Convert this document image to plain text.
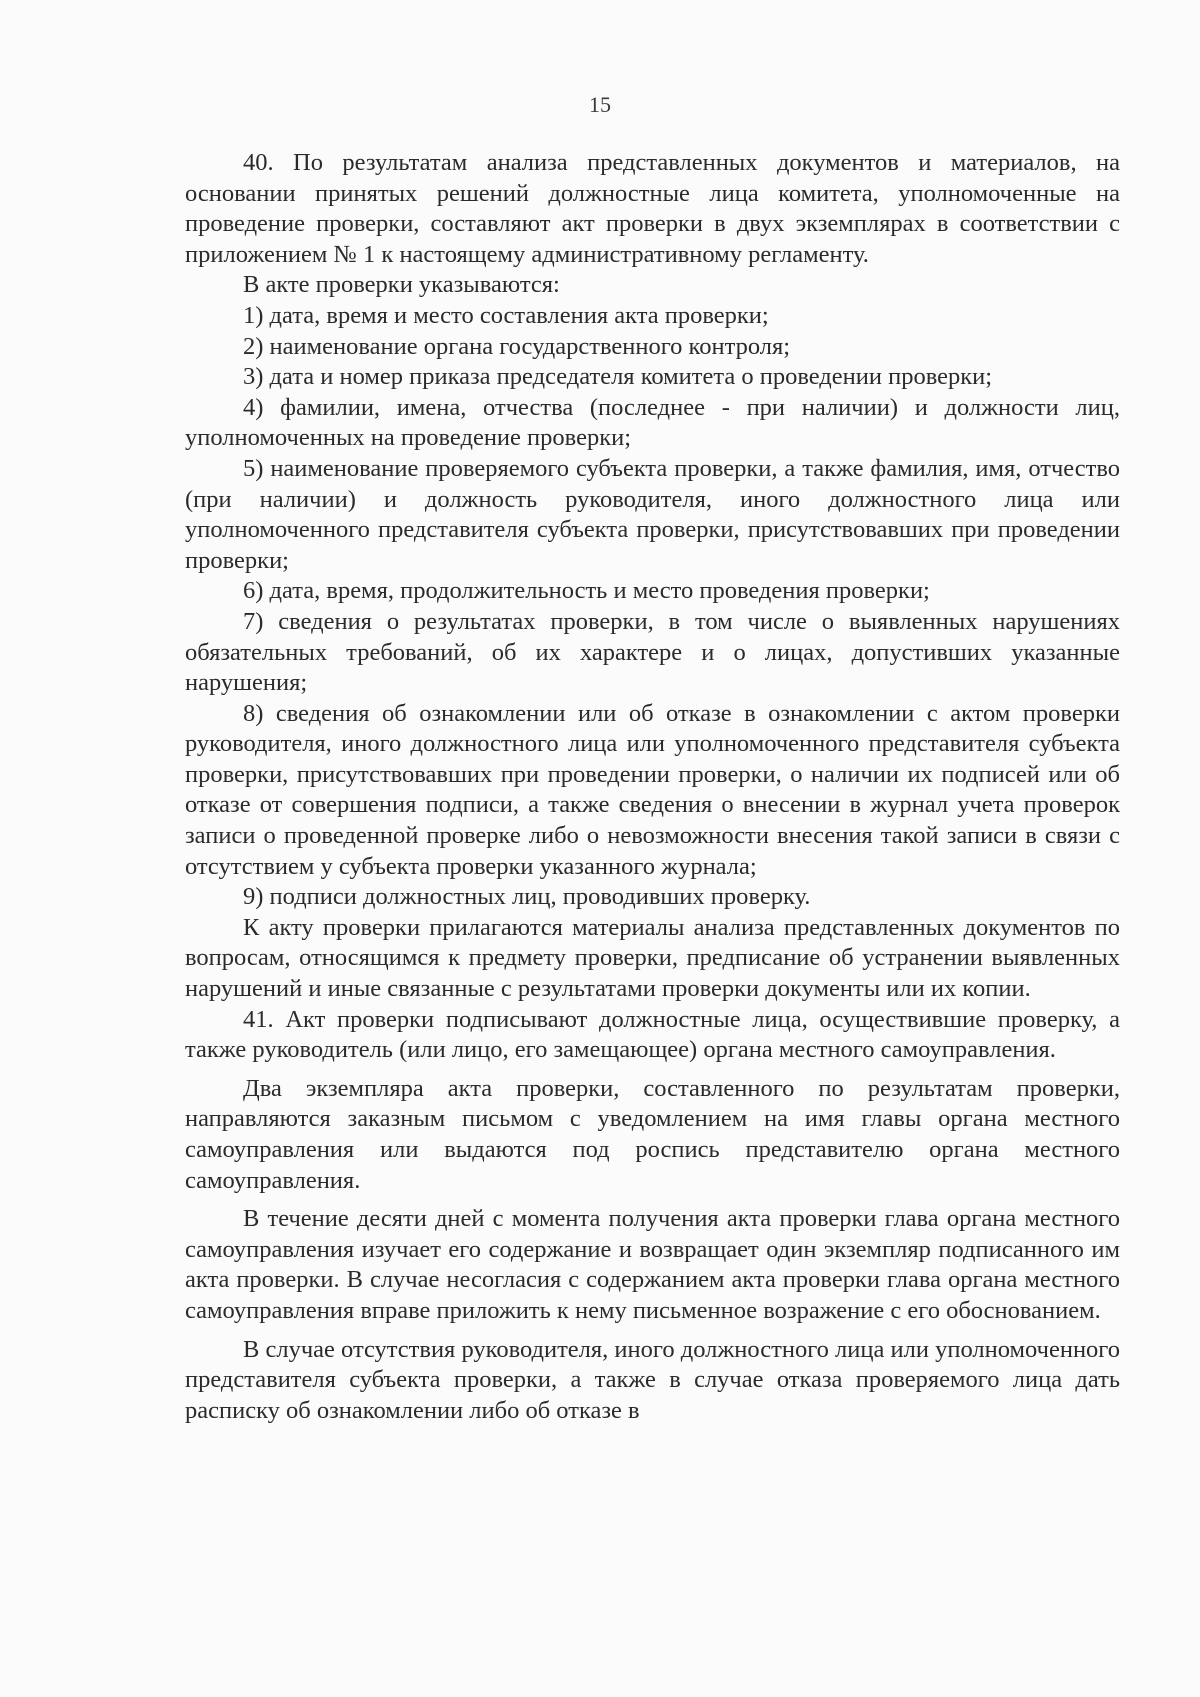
15

40. По результатам анализа представленных документов и материалов, на основании принятых решений должностные лица комитета, уполномоченные на проведение проверки, составляют акт проверки в двух экземплярах в соответствии с приложением № 1 к настоящему административному регламенту.

В акте проверки указываются:

1) дата, время и место составления акта проверки;

2) наименование органа государственного контроля;

3) дата и номер приказа председателя комитета о проведении проверки;

4) фамилии, имена, отчества (последнее - при наличии) и должности лиц, уполномоченных на проведение проверки;

5) наименование проверяемого субъекта проверки, а также фамилия, имя, отчество (при наличии) и должность руководителя, иного должностного лица или уполномоченного представителя субъекта проверки, присутствовавших при проведении проверки;

6) дата, время, продолжительность и место проведения проверки;

7) сведения о результатах проверки, в том числе о выявленных нарушениях обязательных требований, об их характере и о лицах, допустивших указанные нарушения;

8) сведения об ознакомлении или об отказе в ознакомлении с актом проверки руководителя, иного должностного лица или уполномоченного представителя субъекта проверки, присутствовавших при проведении проверки, о наличии их подписей или об отказе от совершения подписи, а также сведения о внесении в журнал учета проверок записи о проведенной проверке либо о невозможности внесения такой записи в связи с отсутствием у субъекта проверки указанного журнала;

9) подписи должностных лиц, проводивших проверку.

К акту проверки прилагаются материалы анализа представленных документов по вопросам, относящимся к предмету проверки, предписание об устранении выявленных нарушений и иные связанные с результатами проверки документы или их копии.

41. Акт проверки подписывают должностные лица, осуществившие проверку, а также руководитель (или лицо, его замещающее) органа местного самоуправления.

Два экземпляра акта проверки, составленного по результатам проверки, направляются заказным письмом с уведомлением на имя главы органа местного самоуправления или выдаются под роспись представителю органа местного самоуправления.

В течение десяти дней с момента получения акта проверки глава органа местного самоуправления изучает его содержание и возвращает один экземпляр подписанного им акта проверки. В случае несогласия с содержанием акта проверки глава органа местного самоуправления вправе приложить к нему письменное возражение с его обоснованием.

В случае отсутствия руководителя, иного должностного лица или уполномоченного представителя субъекта проверки, а также в случае отказа проверяемого лица дать расписку об ознакомлении либо об отказе в
